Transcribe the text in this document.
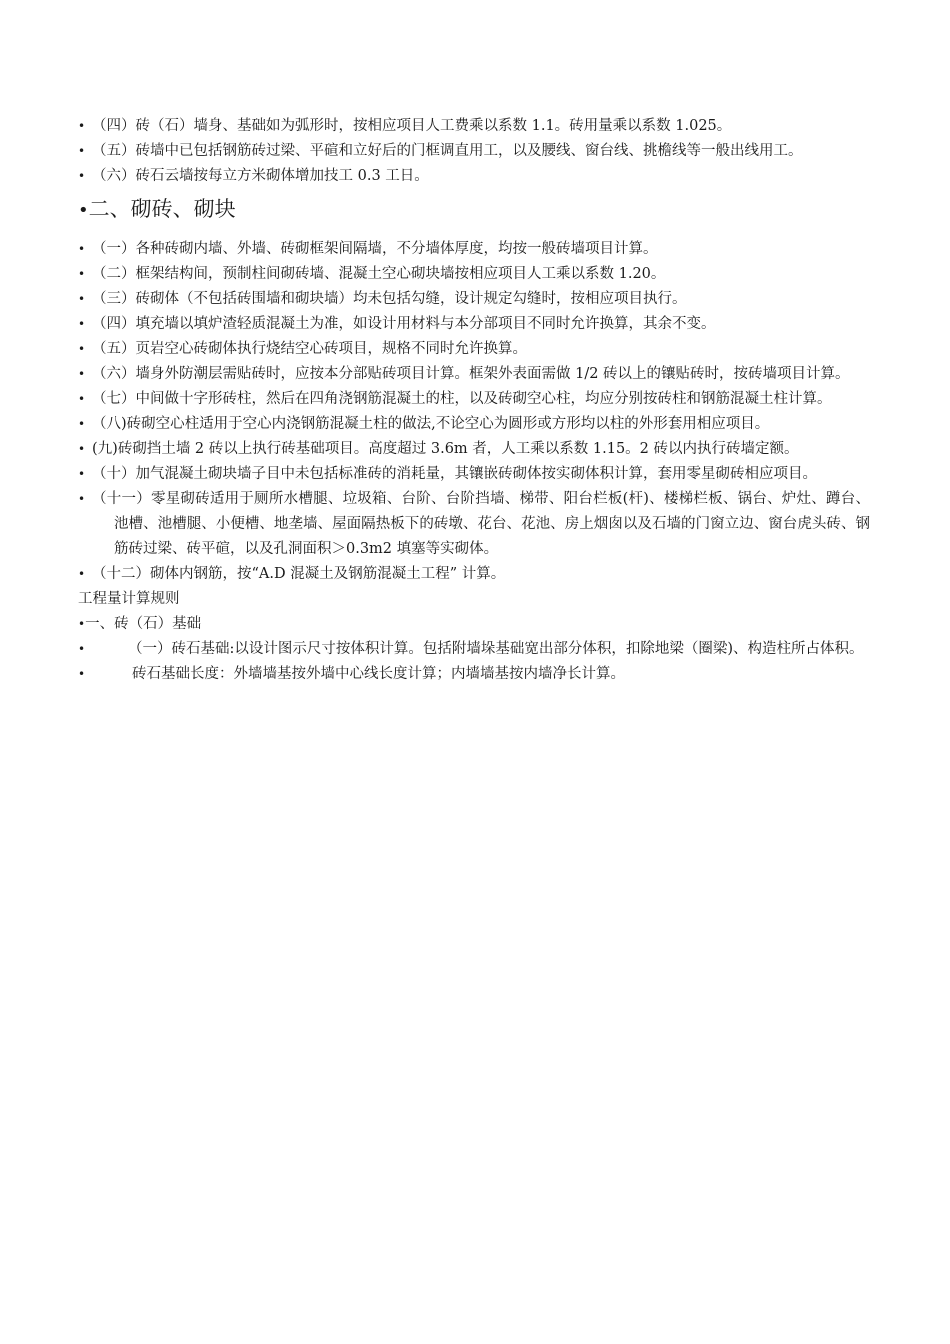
• （四）砖（石）墙身、基础如为弧形时，按相应项目人工费乘以系数 1.1。砖用量乘以系数 1.025。
• （五）砖墙中已包括钢筋砖过梁、平碹和立好后的门框调直用工，以及腰线、窗台线、挑檐线等一般出线用工。
• （六）砖石云墙按每立方米砌体增加技工 0.3 工日。
•二、砌砖、砌块
• （一）各种砖砌内墙、外墙、砖砌框架间隔墙，不分墙体厚度，均按一般砖墙项目计算。
• （二）框架结构间，预制柱间砌砖墙、混凝土空心砌块墙按相应项目人工乘以系数 1.20。
• （三）砖砌体（不包括砖围墙和砌块墙）均未包括勾缝，设计规定勾缝时，按相应项目执行。
• （四）填充墙以填炉渣轻质混凝土为准，如设计用材料与本分部项目不同时允许换算，其余不变。
• （五）页岩空心砖砌体执行烧结空心砖项目，规格不同时允许换算。
• （六）墙身外防潮层需贴砖时，应按本分部贴砖项目计算。框架外表面需做 1/2 砖以上的镶贴砖时，按砖墙项目计算。
• （七）中间做十字形砖柱，然后在四角浇钢筋混凝土的柱，以及砖砌空心柱，均应分别按砖柱和钢筋混凝土柱计算。
• （八)砖砌空心柱适用于空心内浇钢筋混凝土柱的做法,不论空心为圆形或方形均以柱的外形套用相应项目。
• (九)砖砌挡土墙 2 砖以上执行砖基础项目。高度超过 3.6m 者，人工乘以系数 1.15。2 砖以内执行砖墙定额。
• （十）加气混凝土砌块墙子目中未包括标准砖的消耗量，其镶嵌砖砌体按实砌体积计算，套用零星砌砖相应项目。
• （十一）零星砌砖适用于厕所水槽腿、垃圾箱、台阶、台阶挡墙、梯带、阳台栏板(杆)、楼梯栏板、锅台、炉灶、蹲台、池槽、池槽腿、小便槽、地垄墙、屋面隔热板下的砖墩、花台、花池、房上烟囱以及石墙的门窗立边、窗台虎头砖、钢筋砖过梁、砖平碹，以及孔洞面积＞0.3m2 填塞等实砌体。
• （十二）砌体内钢筋，按“A.D 混凝土及钢筋混凝土工程” 计算。
工程量计算规则
•一、砖（石）基础
•	（一）砖石基础:以设计图示尺寸按体积计算。包括附墙垛基础宽出部分体积，扣除地梁（圈梁)、构造柱所占体积。
•	砖石基础长度：外墙墙基按外墙中心线长度计算；内墙墙基按内墙净长计算。
